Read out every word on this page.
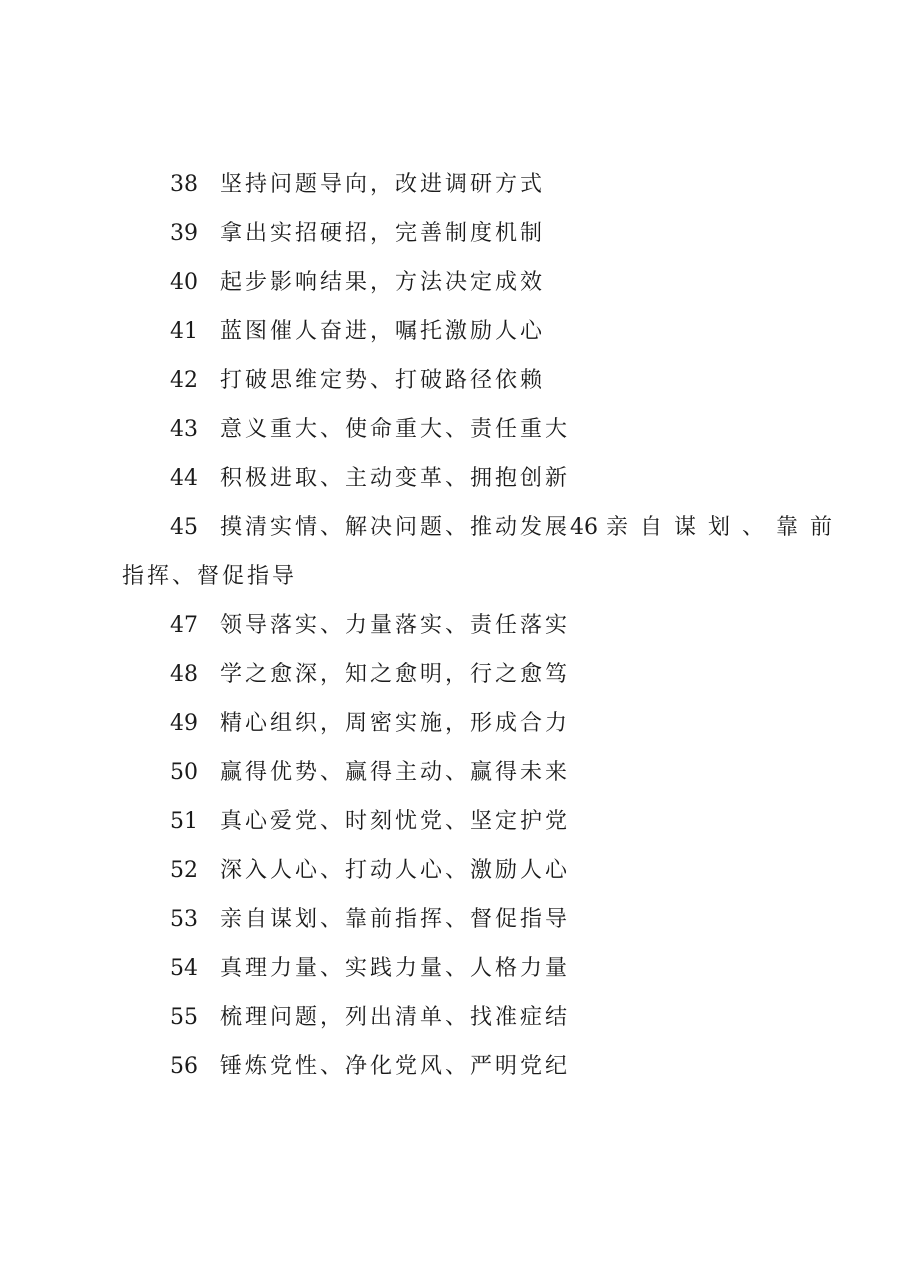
38 坚持问题导向，改进调研方式
39 拿出实招硬招，完善制度机制
40 起步影响结果，方法决定成效
41 蓝图催人奋进，嘱托激励人心
42 打破思维定势、打破路径依赖
43 意义重大、使命重大、责任重大
44 积极进取、主动变革、拥抱创新
45 摸清实情、解决问题、推动发展46 亲自谋划、靠前
指挥、督促指导
47 领导落实、力量落实、责任落实
48 学之愈深，知之愈明，行之愈笃
49 精心组织，周密实施，形成合力
50 赢得优势、赢得主动、赢得未来
51 真心爱党、时刻忧党、坚定护党
52 深入人心、打动人心、激励人心
53 亲自谋划、靠前指挥、督促指导
54 真理力量、实践力量、人格力量
55 梳理问题，列出清单、找准症结
56 锤炼党性、净化党风、严明党纪
